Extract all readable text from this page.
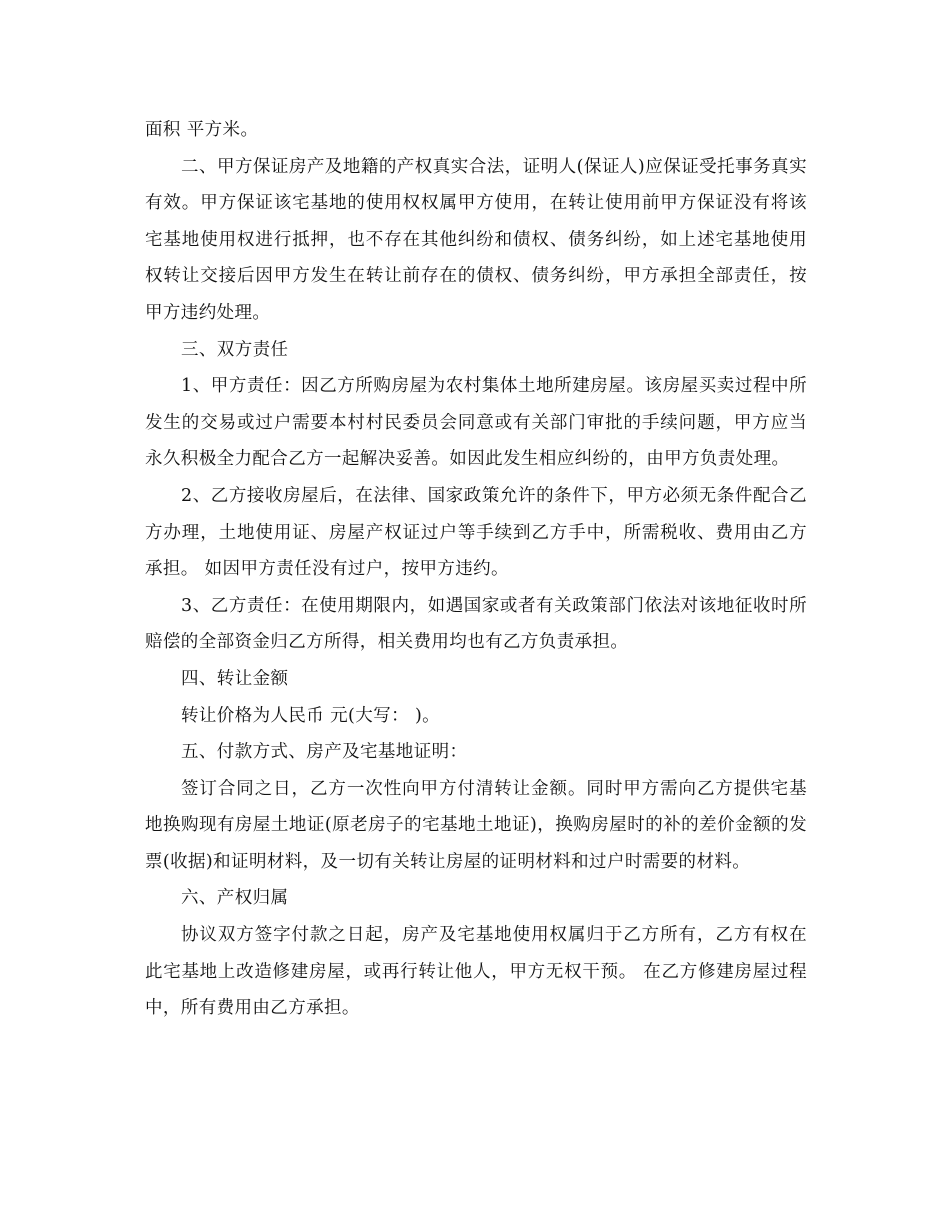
面积 平方米。

二、甲方保证房产及地籍的产权真实合法，证明人(保证人)应保证受托事务真实有效。甲方保证该宅基地的使用权权属甲方使用，在转让使用前甲方保证没有将该宅基地使用权进行抵押，也不存在其他纠纷和债权、债务纠纷，如上述宅基地使用权转让交接后因甲方发生在转让前存在的债权、债务纠纷，甲方承担全部责任，按甲方违约处理。

三、双方责任

1、甲方责任：因乙方所购房屋为农村集体土地所建房屋。该房屋买卖过程中所发生的交易或过户需要本村村民委员会同意或有关部门审批的手续问题，甲方应当永久积极全力配合乙方一起解决妥善。如因此发生相应纠纷的，由甲方负责处理。

2、乙方接收房屋后，在法律、国家政策允许的条件下，甲方必须无条件配合乙方办理，土地使用证、房屋产权证过户等手续到乙方手中，所需税收、费用由乙方承担。 如因甲方责任没有过户，按甲方违约。

3、乙方责任：在使用期限内，如遇国家或者有关政策部门依法对该地征收时所赔偿的全部资金归乙方所得，相关费用均也有乙方负责承担。

四、转让金额

转让价格为人民币 元(大写： )。

五、付款方式、房产及宅基地证明：

签订合同之日，乙方一次性向甲方付清转让金额。同时甲方需向乙方提供宅基地换购现有房屋土地证(原老房子的宅基地土地证)，换购房屋时的补的差价金额的发票(收据)和证明材料，及一切有关转让房屋的证明材料和过户时需要的材料。

六、产权归属

协议双方签字付款之日起，房产及宅基地使用权属归于乙方所有，乙方有权在此宅基地上改造修建房屋，或再行转让他人，甲方无权干预。 在乙方修建房屋过程中，所有费用由乙方承担。
